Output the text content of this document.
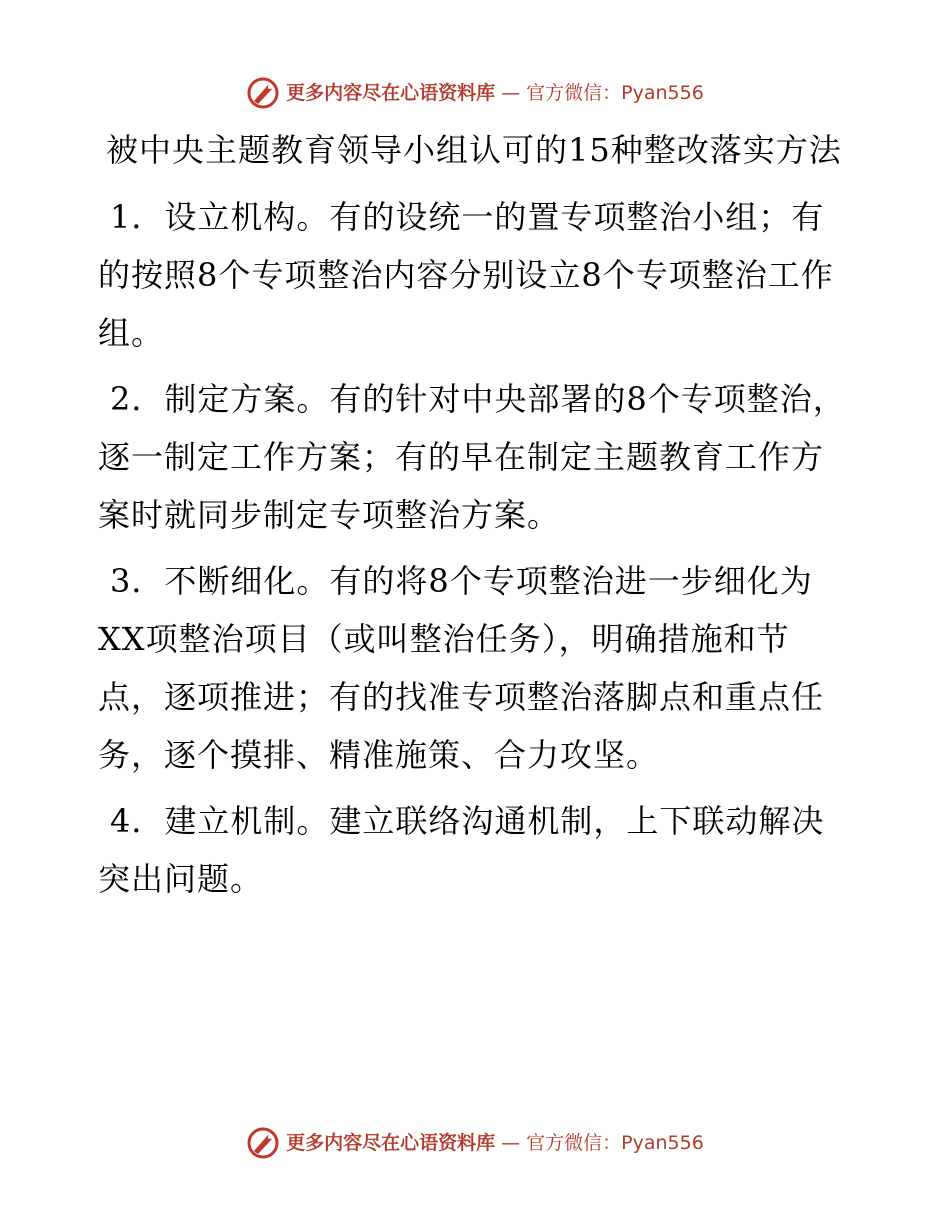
更多内容尽在心语资料库 — 官方微信：Pyan556

被中央主题教育领导小组认可的15种整改落实方法

1．设立机构。有的设统一的置专项整治小组；有的按照8个专项整治内容分别设立8个专项整治工作组。

2．制定方案。有的针对中央部署的8个专项整治，逐一制定工作方案；有的早在制定主题教育工作方案时就同步制定专项整治方案。

3．不断细化。有的将8个专项整治进一步细化为XX项整治项目（或叫整治任务），明确措施和节点，逐项推进；有的找准专项整治落脚点和重点任务，逐个摸排、精准施策、合力攻坚。

4．建立机制。建立联络沟通机制，上下联动解决突出问题。

更多内容尽在心语资料库 — 官方微信：Pyan556
